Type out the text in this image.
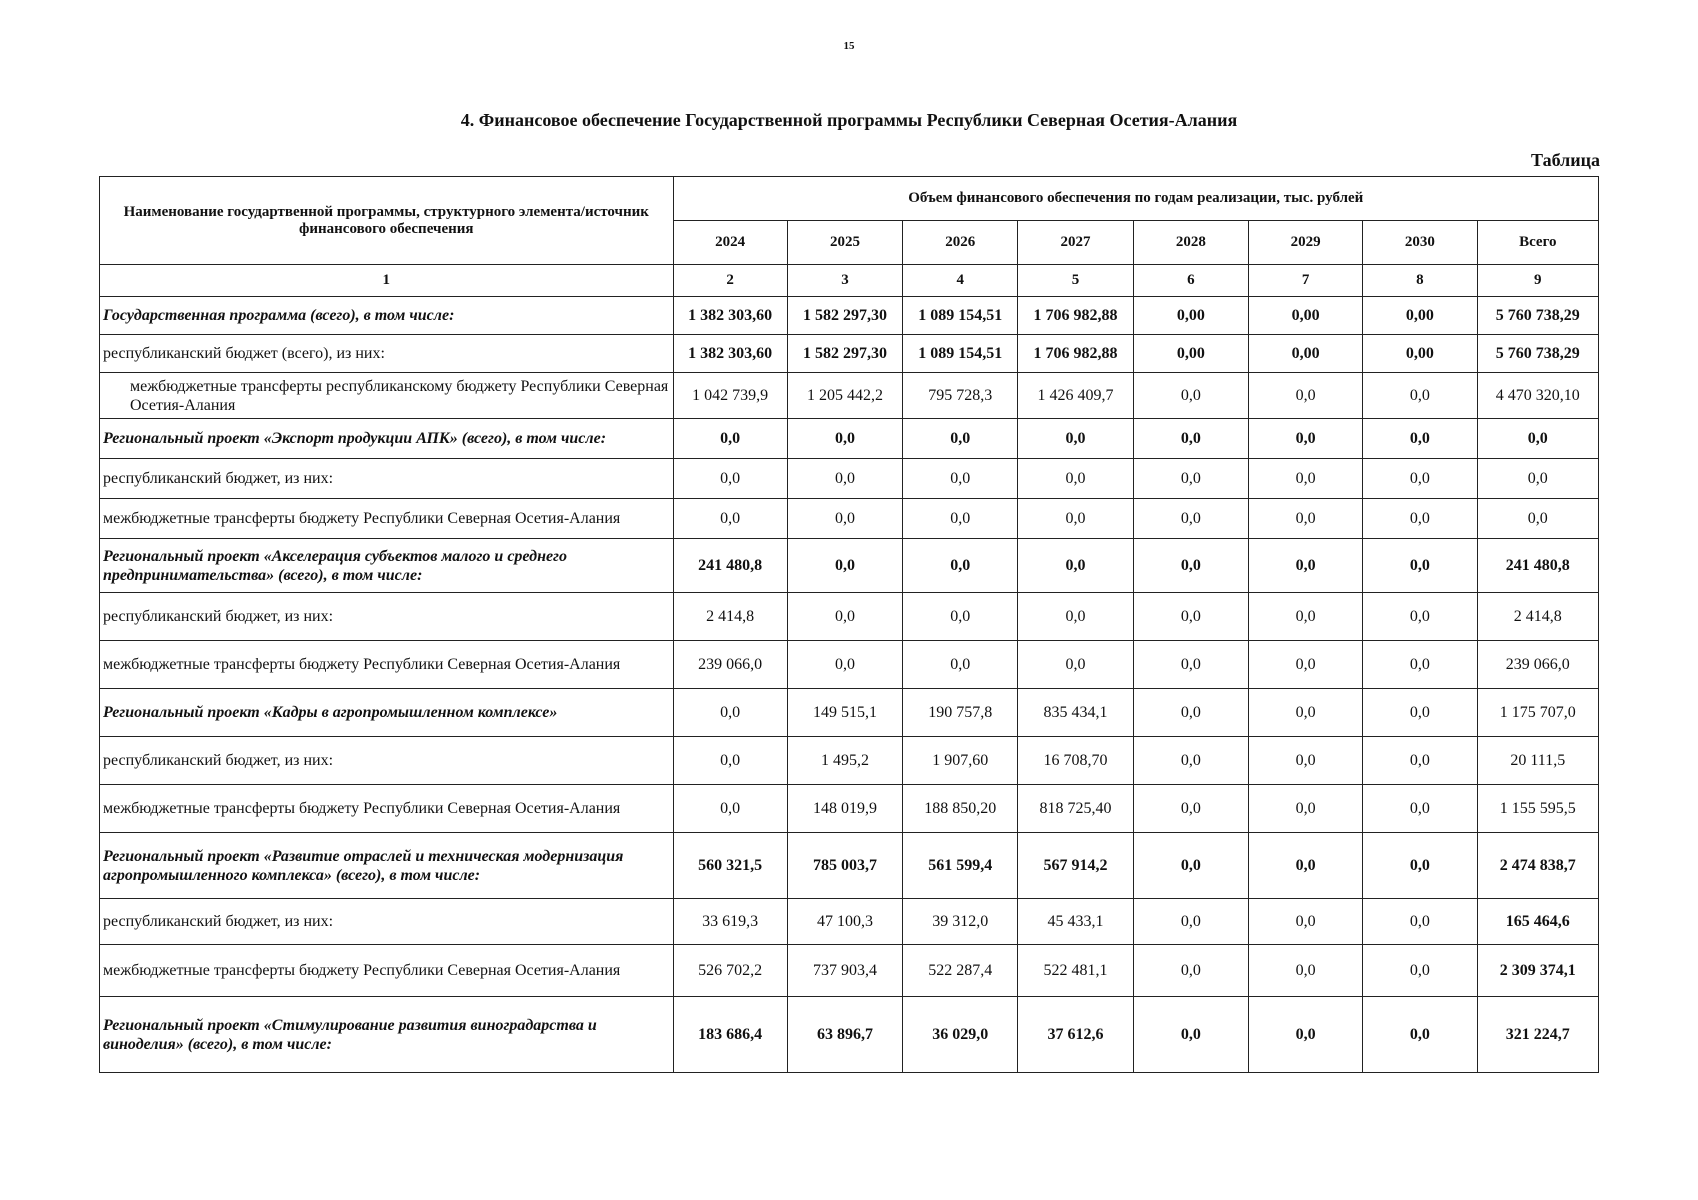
15
4. Финансовое обеспечение Государственной программы Республики Северная Осетия-Алания
Таблица
Наименование государтвенной программы, структурного элемента/источник финансового обеспечения	Объем финансового обеспечения по годам реализации, тыс. рублей							
	2024	2025	2026	2027	2028	2029	2030	Всего
1	2	3	4	5	6	7	8	9
Государственная программа (всего), в том числе:	1 382 303,60	1 582 297,30	1 089 154,51	1 706 982,88	0,00	0,00	0,00	5 760 738,29
республиканский бюджет (всего), из них:	1 382 303,60	1 582 297,30	1 089 154,51	1 706 982,88	0,00	0,00	0,00	5 760 738,29
межбюджетные трансферты республиканскому бюджету Республики Северная Осетия-Алания	1 042 739,9	1 205 442,2	795 728,3	1 426 409,7	0,0	0,0	0,0	4 470 320,10
Региональный проект «Экспорт продукции АПК» (всего), в том числе:	0,0	0,0	0,0	0,0	0,0	0,0	0,0	0,0
республиканский бюджет, из них:	0,0	0,0	0,0	0,0	0,0	0,0	0,0	0,0
межбюджетные трансферты бюджету Республики Северная Осетия-Алания	0,0	0,0	0,0	0,0	0,0	0,0	0,0	0,0
Региональный проект «Акселерация субъектов малого и среднего предпринимательства» (всего), в том числе:	241 480,8	0,0	0,0	0,0	0,0	0,0	0,0	241 480,8
республиканский бюджет, из них:	2 414,8	0,0	0,0	0,0	0,0	0,0	0,0	2 414,8
межбюджетные трансферты бюджету Республики Северная Осетия-Алания	239 066,0	0,0	0,0	0,0	0,0	0,0	0,0	239 066,0
Региональный проект «Кадры в агропромышленном комплексе»	0,0	149 515,1	190 757,8	835 434,1	0,0	0,0	0,0	1 175 707,0
республиканский бюджет, из них:	0,0	1 495,2	1 907,60	16 708,70	0,0	0,0	0,0	20 111,5
межбюджетные трансферты бюджету Республики Северная Осетия-Алания	0,0	148 019,9	188 850,20	818 725,40	0,0	0,0	0,0	1 155 595,5
Региональный проект «Развитие отраслей и техническая модернизация агропромышленного комплекса» (всего), в том числе:	560 321,5	785 003,7	561 599,4	567 914,2	0,0	0,0	0,0	2 474 838,7
республиканский бюджет, из них:	33 619,3	47 100,3	39 312,0	45 433,1	0,0	0,0	0,0	165 464,6
межбюджетные трансферты бюджету Республики Северная Осетия-Алания	526 702,2	737 903,4	522 287,4	522 481,1	0,0	0,0	0,0	2 309 374,1
Региональный проект «Стимулирование развития виноградарства и виноделия» (всего), в том числе:	183 686,4	63 896,7	36 029,0	37 612,6	0,0	0,0	0,0	321 224,7
